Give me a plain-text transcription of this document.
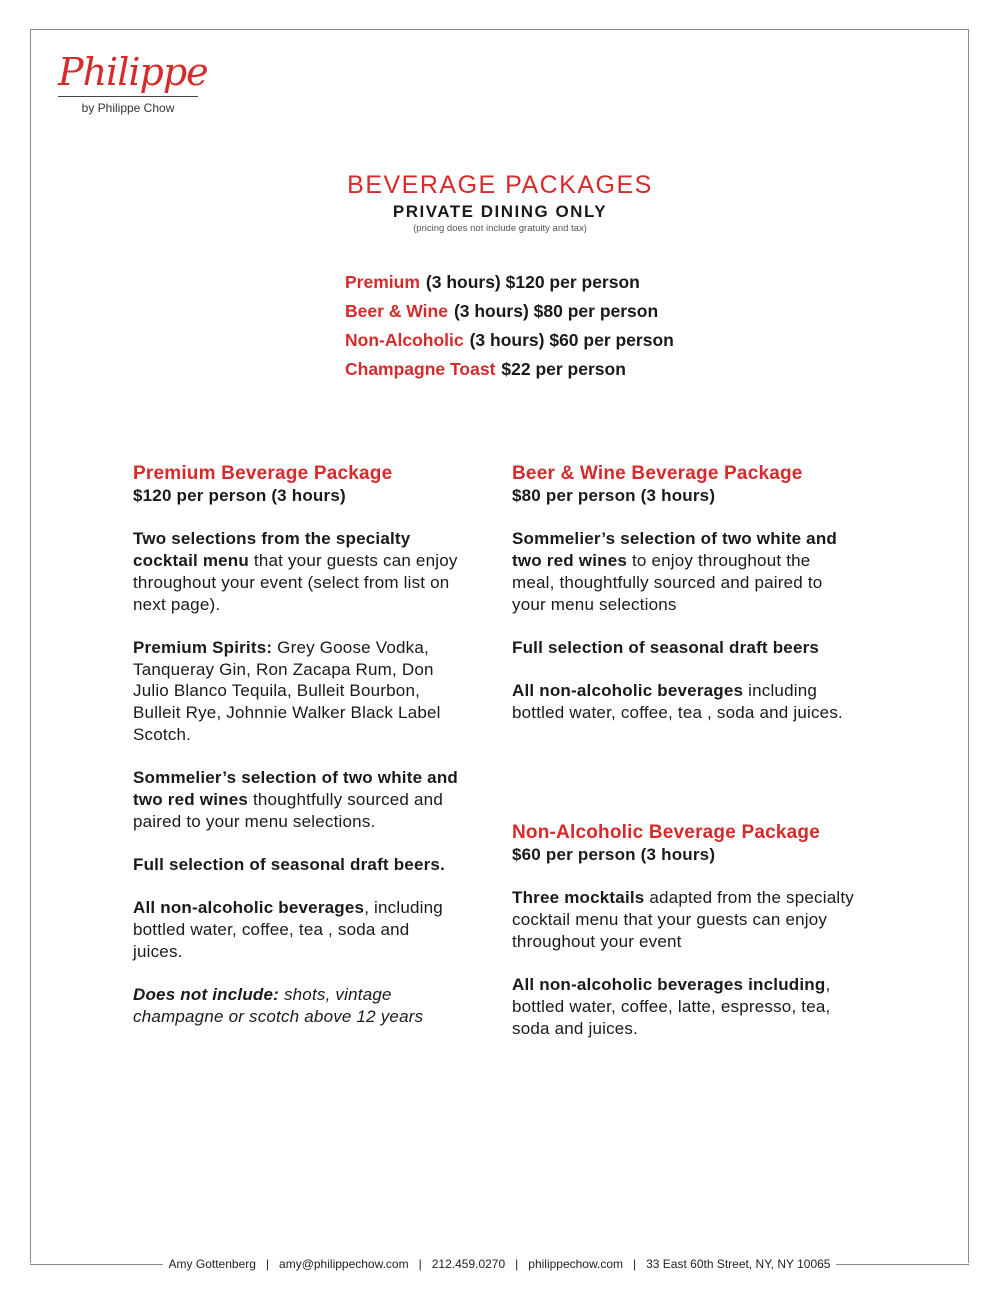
Philippe
by Philippe Chow
BEVERAGE PACKAGES
PRIVATE DINING ONLY
(pricing does not include gratuity and tax)
Premium (3 hours) $120 per person
Beer & Wine (3 hours) $80 per person
Non-Alcoholic (3 hours) $60 per person
Champagne Toast $22 per person
Premium Beverage Package
$120 per person (3 hours)
Two selections from the specialty cocktail menu that your guests can enjoy throughout your event (select from list on next page).
Premium Spirits: Grey Goose Vodka, Tanqueray Gin, Ron Zacapa Rum, Don Julio Blanco Tequila, Bulleit Bourbon, Bulleit Rye, Johnnie Walker Black Label Scotch.
Sommelier’s selection of two white and two red wines thoughtfully sourced and paired to your menu selections.
Full selection of seasonal draft beers.
All non-alcoholic beverages, including bottled water, coffee, tea , soda and juices.
Does not include: shots, vintage champagne or scotch above 12 years
Beer & Wine Beverage Package
$80 per person (3 hours)
Sommelier’s selection of two white and two red wines to enjoy throughout the meal, thoughtfully sourced and paired to your menu selections
Full selection of seasonal draft beers
All non-alcoholic beverages including bottled water, coffee, tea , soda and juices.
Non-Alcoholic Beverage Package
$60 per person (3 hours)
Three mocktails adapted from the specialty cocktail menu that your guests can enjoy throughout your event
All non-alcoholic beverages including, bottled water, coffee, latte, espresso, tea, soda and juices.
Amy Gottenberg | amy@philippechow.com | 212.459.0270 | philippechow.com | 33 East 60th Street, NY, NY 10065
